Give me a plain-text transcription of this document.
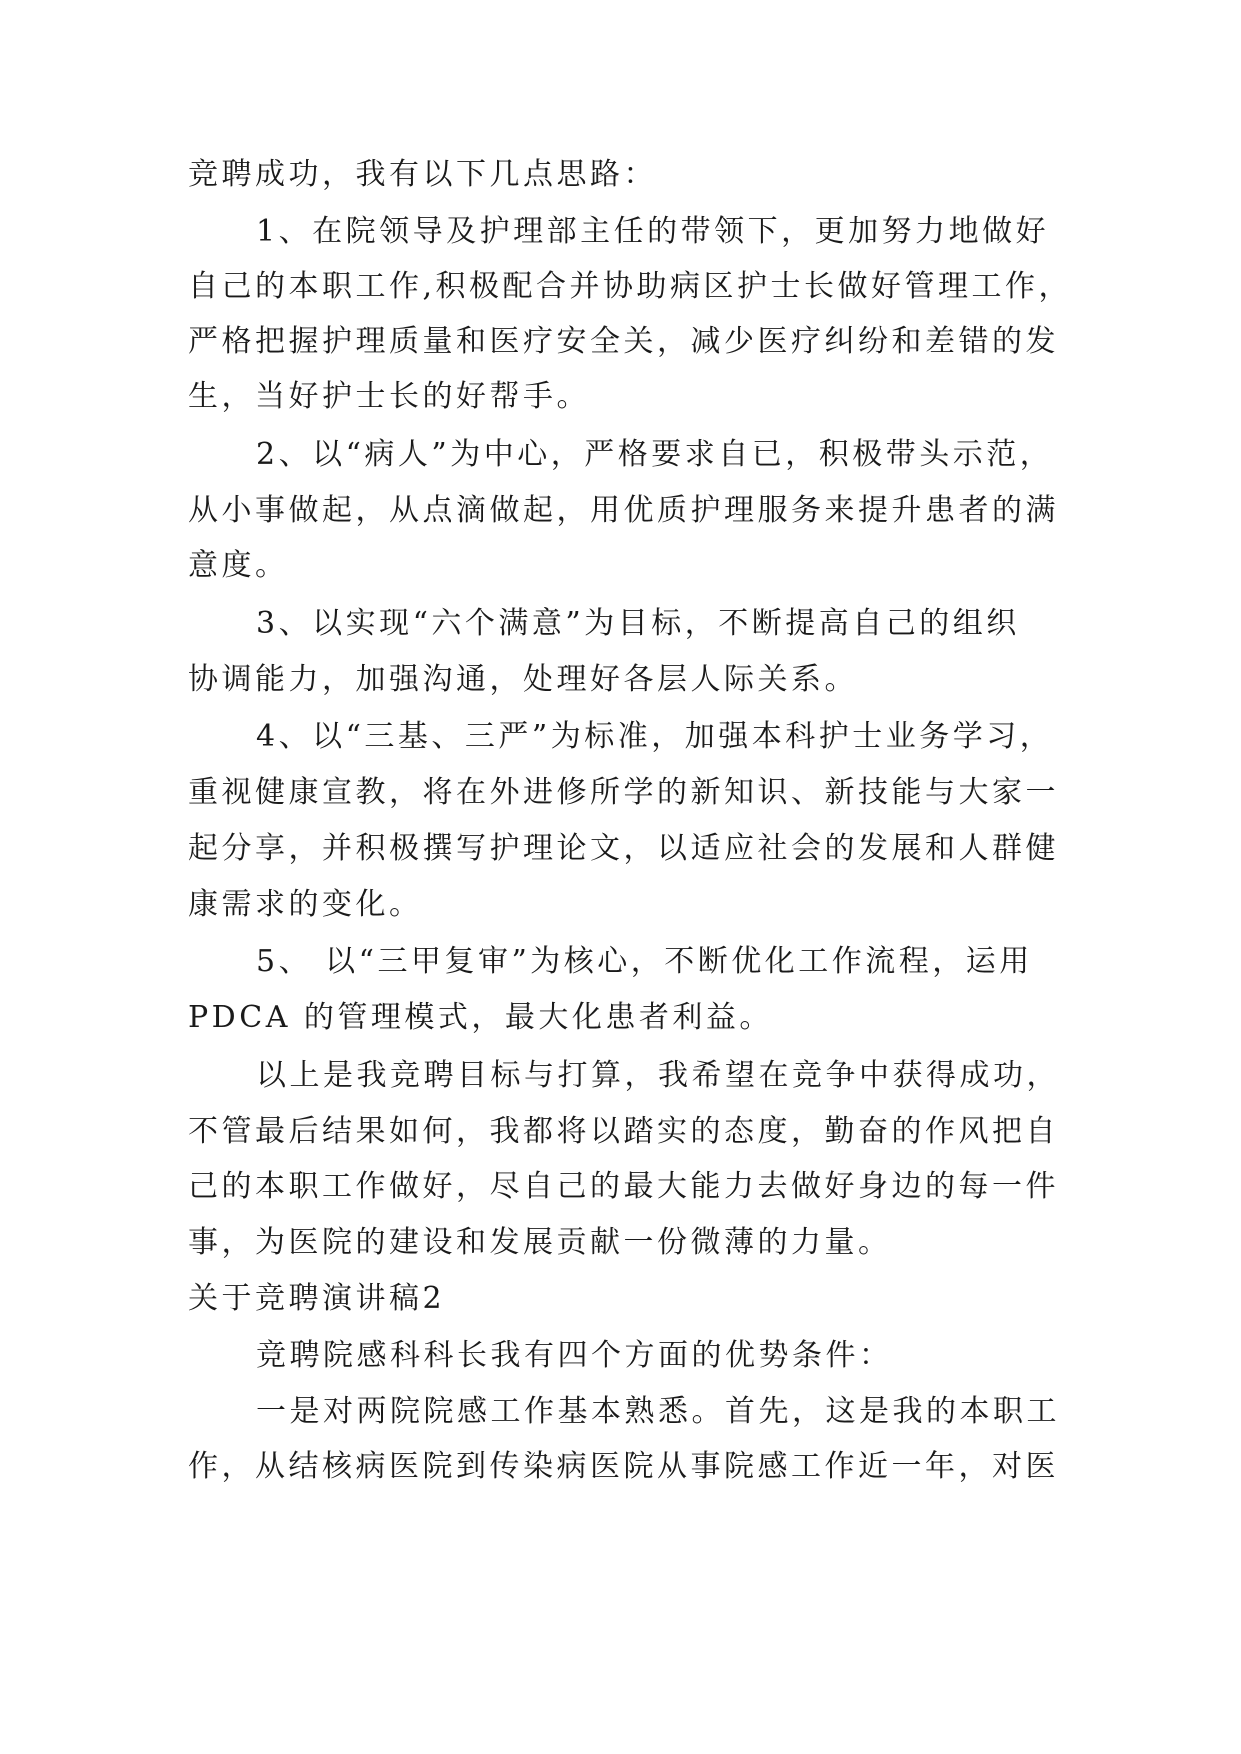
竞聘成功，我有以下几点思路：
1、在院领导及护理部主任的带领下，更加努力地做好
自己的本职工作,积极配合并协助病区护士长做好管理工作，
严格把握护理质量和医疗安全关，减少医疗纠纷和差错的发
生，当好护士长的好帮手。
2、以“病人”为中心，严格要求自已，积极带头示范，
从小事做起，从点滴做起，用优质护理服务来提升患者的满
意度。
3、以实现“六个满意”为目标，不断提高自己的组织
协调能力，加强沟通，处理好各层人际关系。
4、以“三基、三严”为标准，加强本科护士业务学习，
重视健康宣教，将在外进修所学的新知识、新技能与大家一
起分享，并积极撰写护理论文，以适应社会的发展和人群健
康需求的变化。
5、 以“三甲复审”为核心，不断优化工作流程，运用
PDCA 的管理模式，最大化患者利益。
以上是我竞聘目标与打算，我希望在竞争中获得成功，
不管最后结果如何，我都将以踏实的态度，勤奋的作风把自
己的本职工作做好，尽自己的最大能力去做好身边的每一件
事，为医院的建设和发展贡献一份微薄的力量。
关于竞聘演讲稿2
竞聘院感科科长我有四个方面的优势条件：
一是对两院院感工作基本熟悉。首先，这是我的本职工
作，从结核病医院到传染病医院从事院感工作近一年，对医
